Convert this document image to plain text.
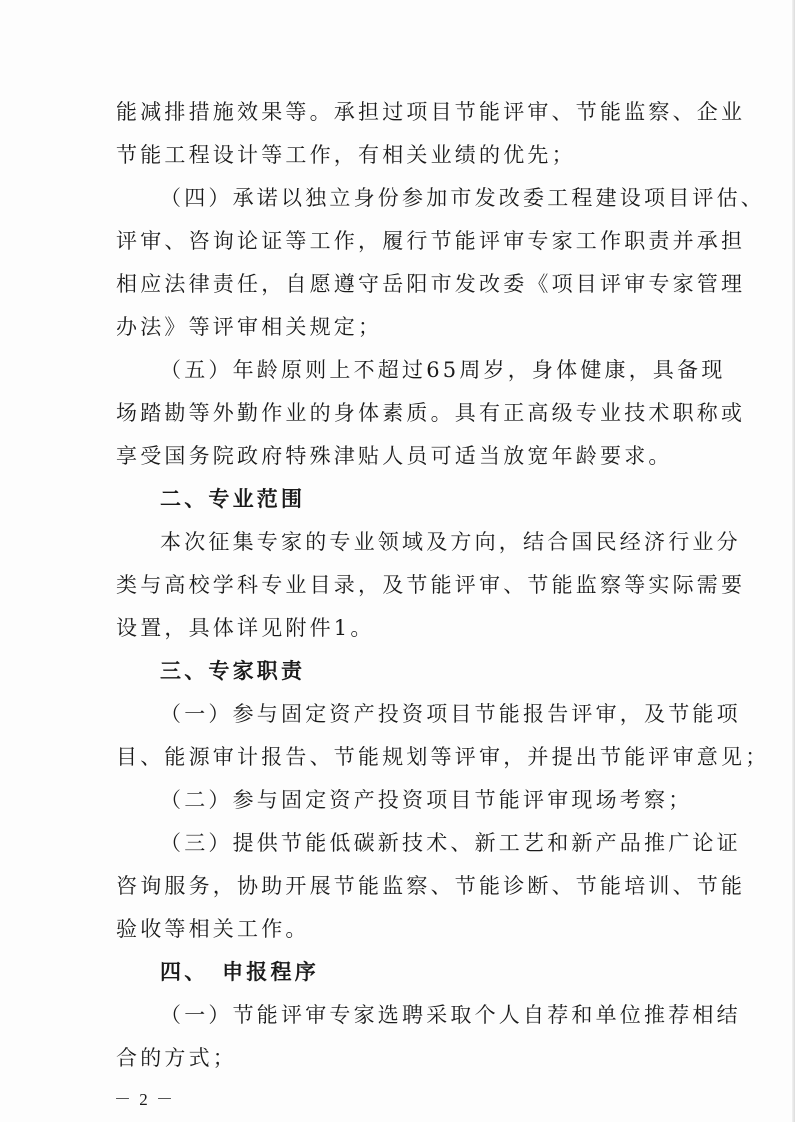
能减排措施效果等。承担过项目节能评审、节能监察、企业
节能工程设计等工作，有相关业绩的优先；
（四）承诺以独立身份参加市发改委工程建设项目评估、
评审、咨询论证等工作，履行节能评审专家工作职责并承担
相应法律责任，自愿遵守岳阳市发改委《项目评审专家管理
办法》等评审相关规定；
（五）年龄原则上不超过65周岁，身体健康，具备现
场踏勘等外勤作业的身体素质。具有正高级专业技术职称或
享受国务院政府特殊津贴人员可适当放宽年龄要求。
二、专业范围
本次征集专家的专业领域及方向，结合国民经济行业分
类与高校学科专业目录，及节能评审、节能监察等实际需要
设置，具体详见附件1。
三、专家职责
（一）参与固定资产投资项目节能报告评审，及节能项
目、能源审计报告、节能规划等评审，并提出节能评审意见；
（二）参与固定资产投资项目节能评审现场考察；
（三）提供节能低碳新技术、新工艺和新产品推广论证
咨询服务，协助开展节能监察、节能诊断、节能培训、节能
验收等相关工作。
四、　申报程序
（一）节能评审专家选聘采取个人自荐和单位推荐相结
合的方式；
－ 2 －
